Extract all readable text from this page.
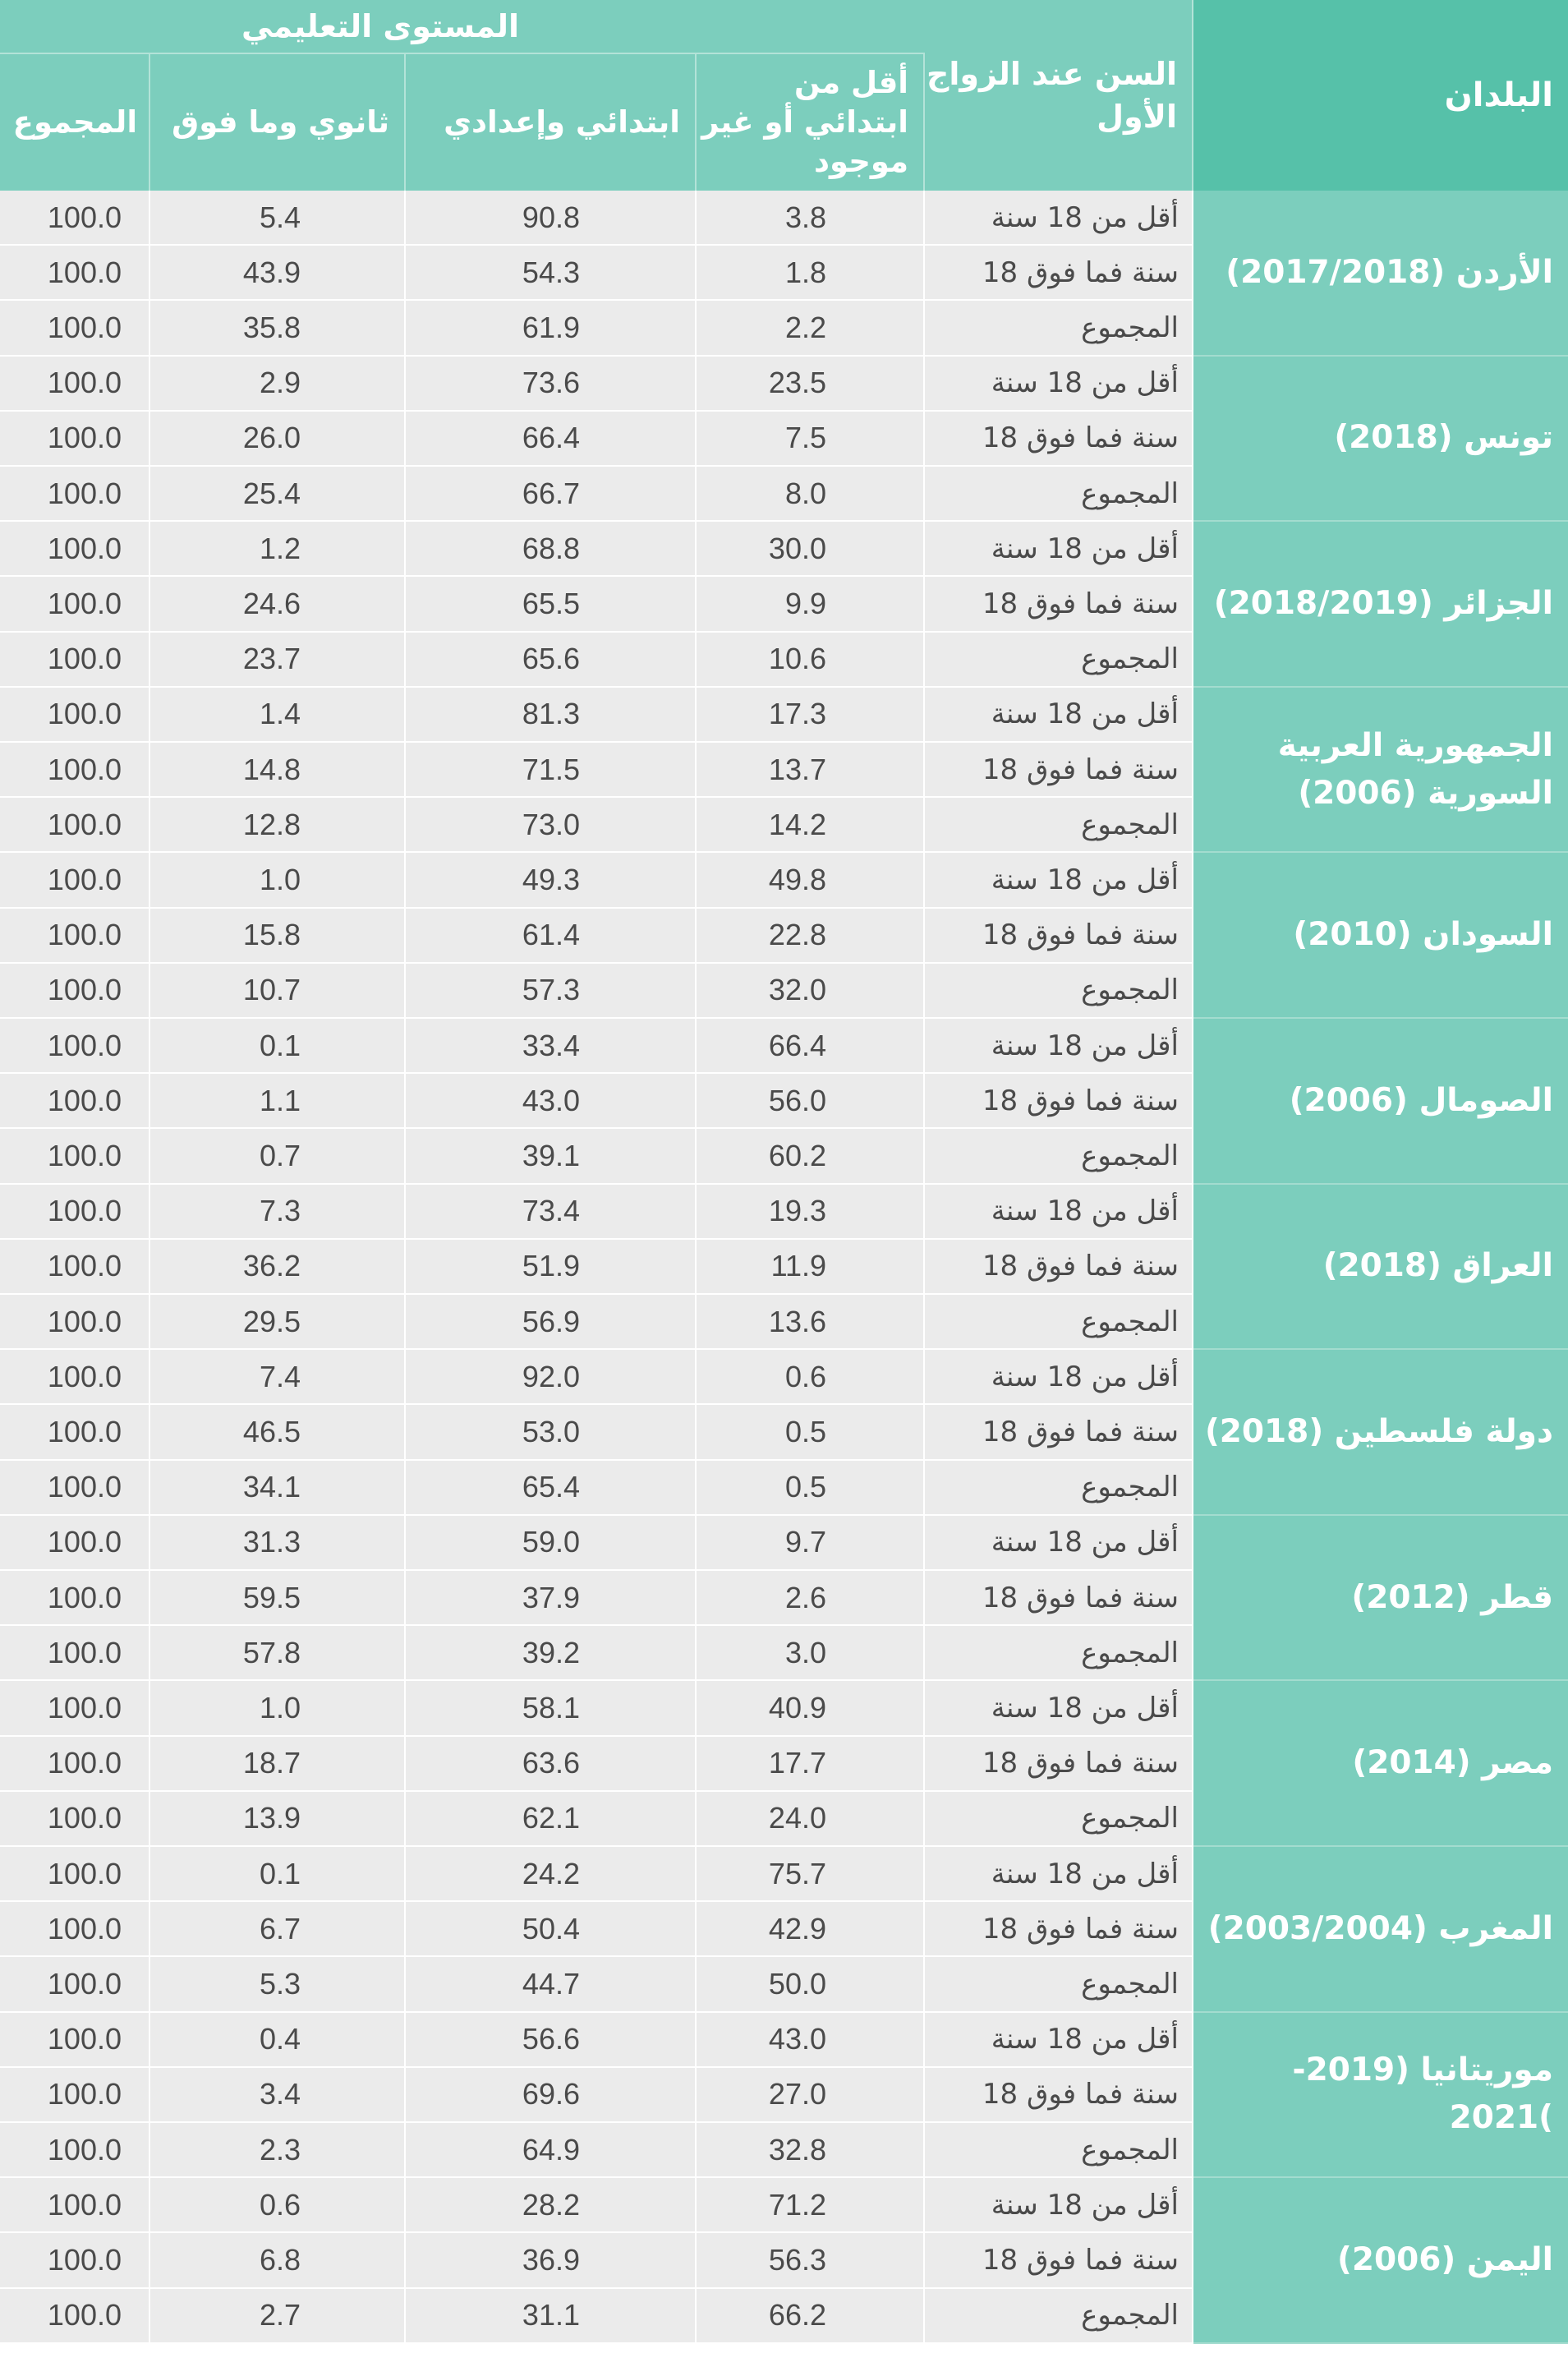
البلدان
السن عند الزواج الأول
المستوى التعليمي
أقل من ابتدائي أو غير موجود
ابتدائي وإعدادي
ثانوي وما فوق
المجموع
أقل من 18 سنة
3.8
90.8
5.4
100.0
18 سنة فما فوق
1.8
54.3
43.9
100.0
المجموع
2.2
61.9
35.8
100.0
أقل من 18 سنة
23.5
73.6
2.9
100.0
18 سنة فما فوق
7.5
66.4
26.0
100.0
المجموع
8.0
66.7
25.4
100.0
أقل من 18 سنة
30.0
68.8
1.2
100.0
18 سنة فما فوق
9.9
65.5
24.6
100.0
المجموع
10.6
65.6
23.7
100.0
أقل من 18 سنة
17.3
81.3
1.4
100.0
18 سنة فما فوق
13.7
71.5
14.8
100.0
المجموع
14.2
73.0
12.8
100.0
أقل من 18 سنة
49.8
49.3
1.0
100.0
18 سنة فما فوق
22.8
61.4
15.8
100.0
المجموع
32.0
57.3
10.7
100.0
أقل من 18 سنة
66.4
33.4
0.1
100.0
18 سنة فما فوق
56.0
43.0
1.1
100.0
المجموع
60.2
39.1
0.7
100.0
أقل من 18 سنة
19.3
73.4
7.3
100.0
18 سنة فما فوق
11.9
51.9
36.2
100.0
المجموع
13.6
56.9
29.5
100.0
أقل من 18 سنة
0.6
92.0
7.4
100.0
18 سنة فما فوق
0.5
53.0
46.5
100.0
المجموع
0.5
65.4
34.1
100.0
أقل من 18 سنة
9.7
59.0
31.3
100.0
18 سنة فما فوق
2.6
37.9
59.5
100.0
المجموع
3.0
39.2
57.8
100.0
أقل من 18 سنة
40.9
58.1
1.0
100.0
18 سنة فما فوق
17.7
63.6
18.7
100.0
المجموع
24.0
62.1
13.9
100.0
أقل من 18 سنة
75.7
24.2
0.1
100.0
18 سنة فما فوق
42.9
50.4
6.7
100.0
المجموع
50.0
44.7
5.3
100.0
أقل من 18 سنة
43.0
56.6
0.4
100.0
18 سنة فما فوق
27.0
69.6
3.4
100.0
المجموع
32.8
64.9
2.3
100.0
أقل من 18 سنة
71.2
28.2
0.6
100.0
18 سنة فما فوق
56.3
36.9
6.8
100.0
المجموع
66.2
31.1
2.7
100.0
الأردن (2017/2018)
تونس (2018)
الجزائر (2018/2019)
الجمهورية العربية السورية (2006)
السودان (2010)
الصومال (2006)
العراق (2018)
دولة فلسطين (2018)
قطر (2012)
مصر (2014)
المغرب (2003/2004)
موريتانيا (2019-2021(
اليمن (2006)
